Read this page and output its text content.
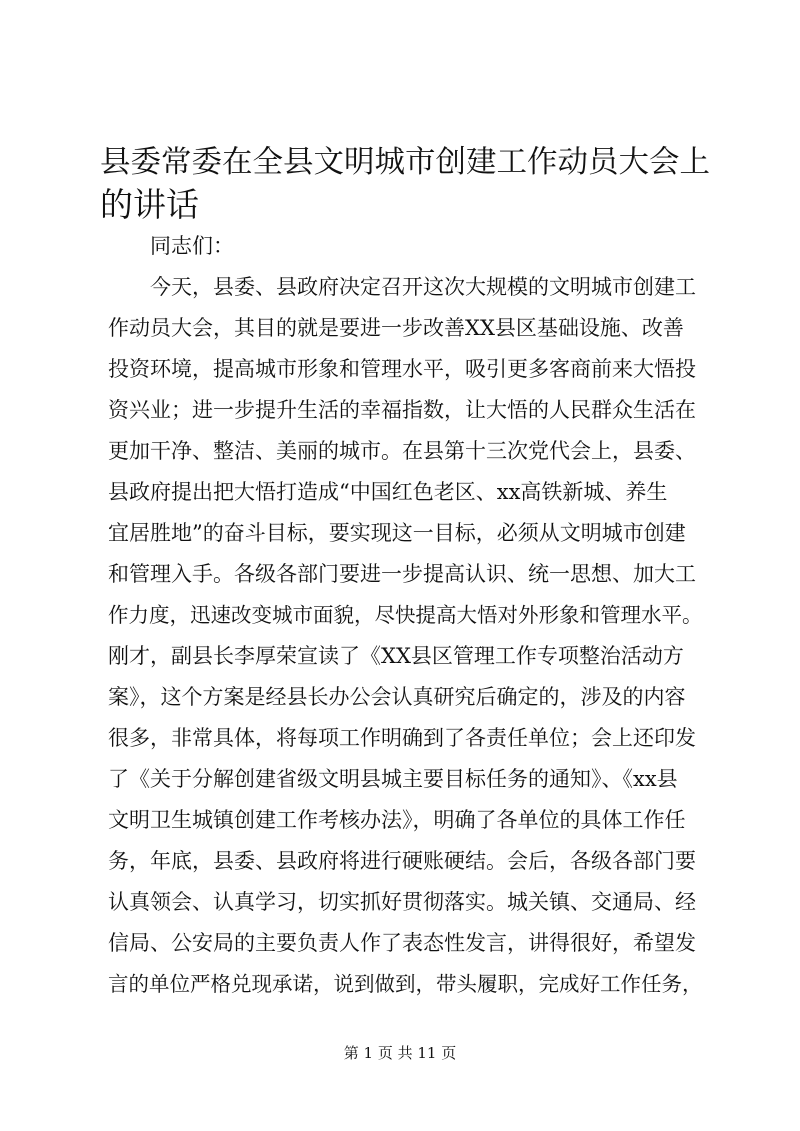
县委常委在全县文明城市创建工作动员大会上
的讲话
同志们：
今天，县委、县政府决定召开这次大规模的文明城市创建工
作动员大会，其目的就是要进一步改善XX县区基础设施、改善
投资环境，提高城市形象和管理水平，吸引更多客商前来大悟投
资兴业；进一步提升生活的幸福指数，让大悟的人民群众生活在
更加干净、整洁、美丽的城市。在县第十三次党代会上，县委、
县政府提出把大悟打造成“中国红色老区、xx高铁新城、养生
宜居胜地”的奋斗目标，要实现这一目标，必须从文明城市创建
和管理入手。各级各部门要进一步提高认识、统一思想、加大工
作力度，迅速改变城市面貌，尽快提高大悟对外形象和管理水平。
刚才，副县长李厚荣宣读了《XX县区管理工作专项整治活动方
案》，这个方案是经县长办公会认真研究后确定的，涉及的内容
很多，非常具体，将每项工作明确到了各责任单位；会上还印发
了《关于分解创建省级文明县城主要目标任务的通知》、《xx县
文明卫生城镇创建工作考核办法》，明确了各单位的具体工作任
务，年底，县委、县政府将进行硬账硬结。会后，各级各部门要
认真领会、认真学习，切实抓好贯彻落实。城关镇、交通局、经
信局、公安局的主要负责人作了表态性发言，讲得很好，希望发
言的单位严格兑现承诺，说到做到，带头履职，完成好工作任务，
第 1 页 共 11 页
